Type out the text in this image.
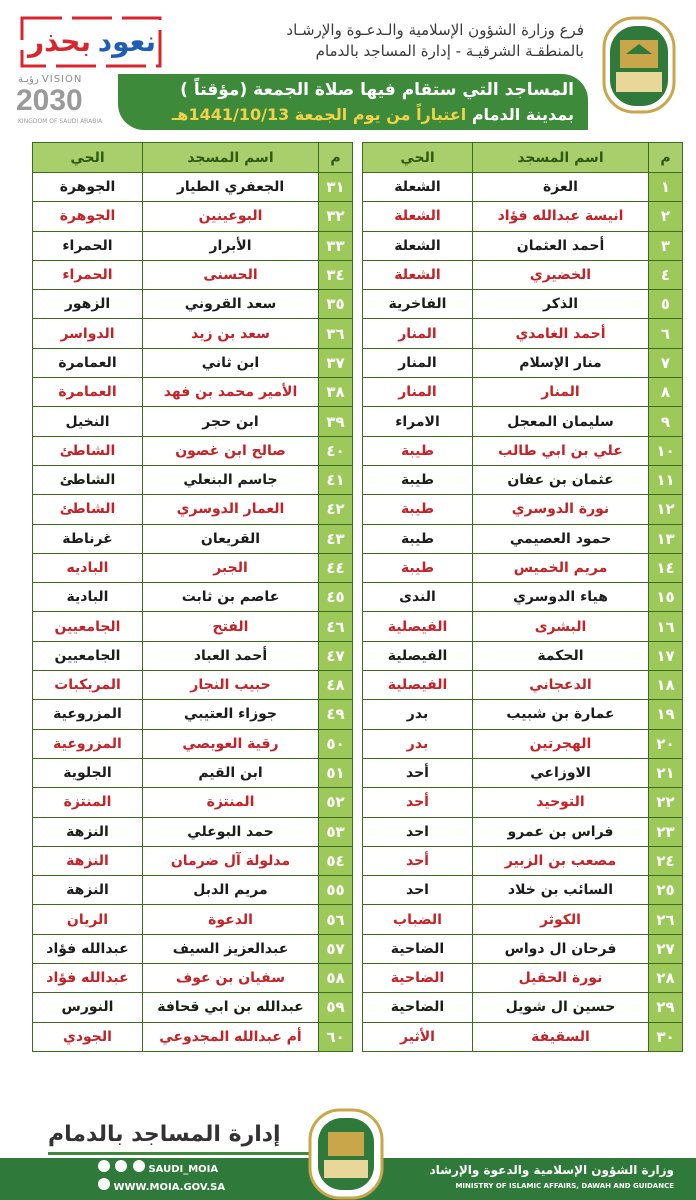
فرع وزارة الشؤون الإسلامية والـدعـوة والإرشـاد
بالمنطقـة الشرقيـة - إدارة المساجد بالدمام
نعود
بحذر
رؤيـة VISION
2030
KINGDOM OF SAUDI ARABIA
المساجد التي ستقام فيها صلاة الجمعة (مؤقتاً )
بمدينة الدمام اعتباراً من يوم الجمعة 1441/10/13هـ
م	اسم المسجد	الحي
١	العزة	الشعلة
٢	انيسة عبدالله فؤاد	الشعلة
٣	أحمد العثمان	الشعلة
٤	الخضيري	الشعلة
٥	الذكر	الفاخرية
٦	أحمد الغامدي	المنار
٧	منار الإسلام	المنار
٨	المنار	المنار
٩	سليمان المعجل	الامراء
١٠	علي بن ابي طالب	طيبة
١١	عثمان بن عفان	طيبة
١٢	نورة الدوسري	طيبة
١٣	حمود العصيمي	طيبة
١٤	مريم الخميس	طيبة
١٥	هياء الدوسري	الندى
١٦	البشرى	الفيصلية
١٧	الحكمة	الفيصلية
١٨	الدعجاني	الفيصلية
١٩	عمارة بن شبيب	بدر
٢٠	الهجرتين	بدر
٢١	الاوزاعي	أحد
٢٢	التوحيد	أحد
٢٣	فراس بن عمرو	احد
٢٤	مصعب بن الزبير	أحد
٢٥	السائب بن خلاد	احد
٢٦	الكوثر	الضباب
٢٧	فرحان ال دواس	الضاحية
٢٨	نورة الحقيل	الضاحية
٢٩	حسين ال شويل	الضاحية
٣٠	السقيفة	الأثير
م	اسم المسجد	الحي
٣١	الجعفري الطيار	الجوهرة
٣٢	البوعينين	الجوهرة
٣٣	الأبرار	الحمراء
٣٤	الحسنى	الحمراء
٣٥	سعد القروني	الزهور
٣٦	سعد بن زيد	الدواسر
٣٧	ابن ثاني	العمامرة
٣٨	الأمير محمد بن فهد	العمامرة
٣٩	ابن حجر	النخيل
٤٠	صالح ابن غصون	الشاطئ
٤١	جاسم البنعلي	الشاطئ
٤٢	العمار الدوسري	الشاطئ
٤٣	القريعان	غرناطة
٤٤	الجبر	الباديه
٤٥	عاصم بن ثابت	البادية
٤٦	الفتح	الجامعيين
٤٧	أحمد العباد	الجامعيين
٤٨	حبيب النجار	المريكبات
٤٩	جوزاء العتيبي	المزروعية
٥٠	رقية العويصي	المزروعية
٥١	ابن القيم	الجلوية
٥٢	المنتزة	المنتزة
٥٣	حمد البوعلي	النزهة
٥٤	مدلولة آل ضرمان	النزهة
٥٥	مريم الدبل	النزهة
٥٦	الدعوة	الريان
٥٧	عبدالعزيز السيف	عبدالله فؤاد
٥٨	سفيان بن عوف	عبدالله فؤاد
٥٩	عبدالله بن ابي قحافة	النورس
٦٠	أم عبدالله المجدوعي	الجودي
إدارة المساجد بالدمام
SAUDI_MOIA
WWW.MOIA.GOV.SA
وزارة الشؤون الإسلامية والدعوة والإرشاد
MINISTRY OF ISLAMIC AFFAIRS, DAWAH AND GUIDANCE
